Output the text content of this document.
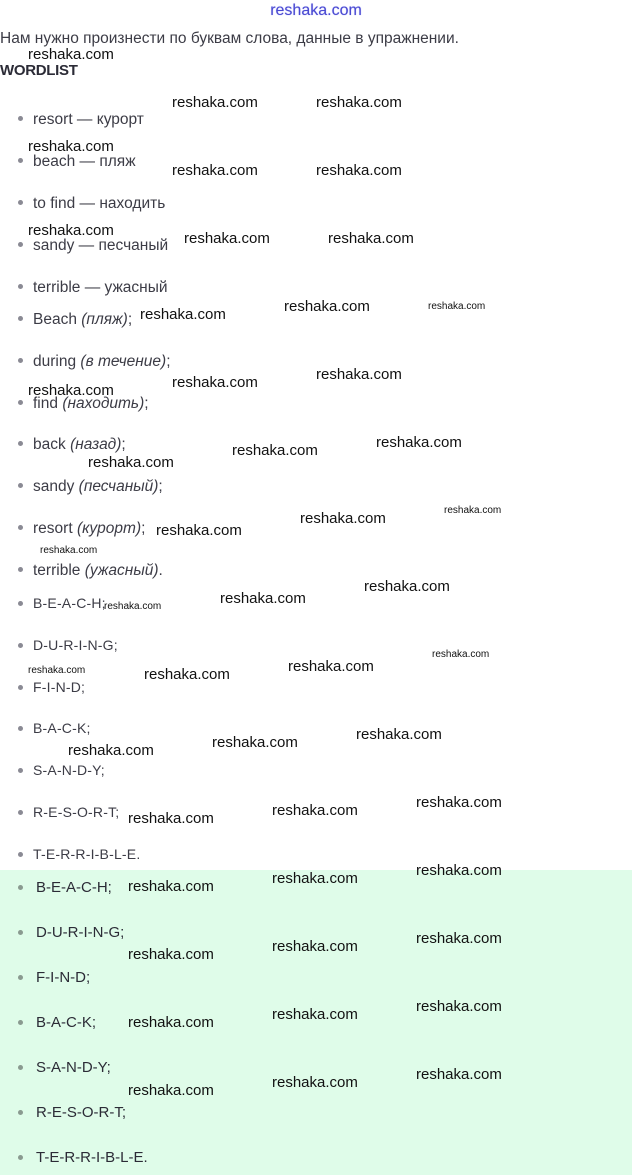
reshaka.com
Нам нужно произнести по буквам слова, данные в упражнении.
WORDLIST
resort — курорт
beach — пляж
to find — находить
sandy — песчаный
terrible — ужасный
Beach (пляж);
during (в течение);
find (находить);
back (назад);
sandy (песчаный);
resort (курорт);
terrible (ужасный).
B-E-A-C-H;
D-U-R-I-N-G;
F-I-N-D;
B-A-C-K;
S-A-N-D-Y;
R-E-S-O-R-T;
T-E-R-R-I-B-L-E.
B-E-A-C-H;
D-U-R-I-N-G;
F-I-N-D;
B-A-C-K;
S-A-N-D-Y;
R-E-S-O-R-T;
T-E-R-R-I-B-L-E.
reshaka.com
reshaka.com	reshaka.com
reshaka.com
reshaka.com	reshaka.com
reshaka.com	reshaka.com	reshaka.com
reshaka.com	reshaka.com
reshaka.com
reshaka.com
reshaka.com
reshaka.com
reshaka.com
reshaka.com
reshaka.com
reshaka.com
reshaka.com
reshaka.com
reshaka.com
reshaka.com
reshaka.com
reshaka.com
reshaka.com
reshaka.com
reshaka.com	reshaka.com
reshaka.com
reshaka.com
reshaka.com
reshaka.com
reshaka.com
reshaka.com
reshaka.com
reshaka.com
reshaka.com
reshaka.com
reshaka.com
reshaka.com
reshaka.com
reshaka.com
reshaka.com
reshaka.com
reshaka.com
reshaka.com
